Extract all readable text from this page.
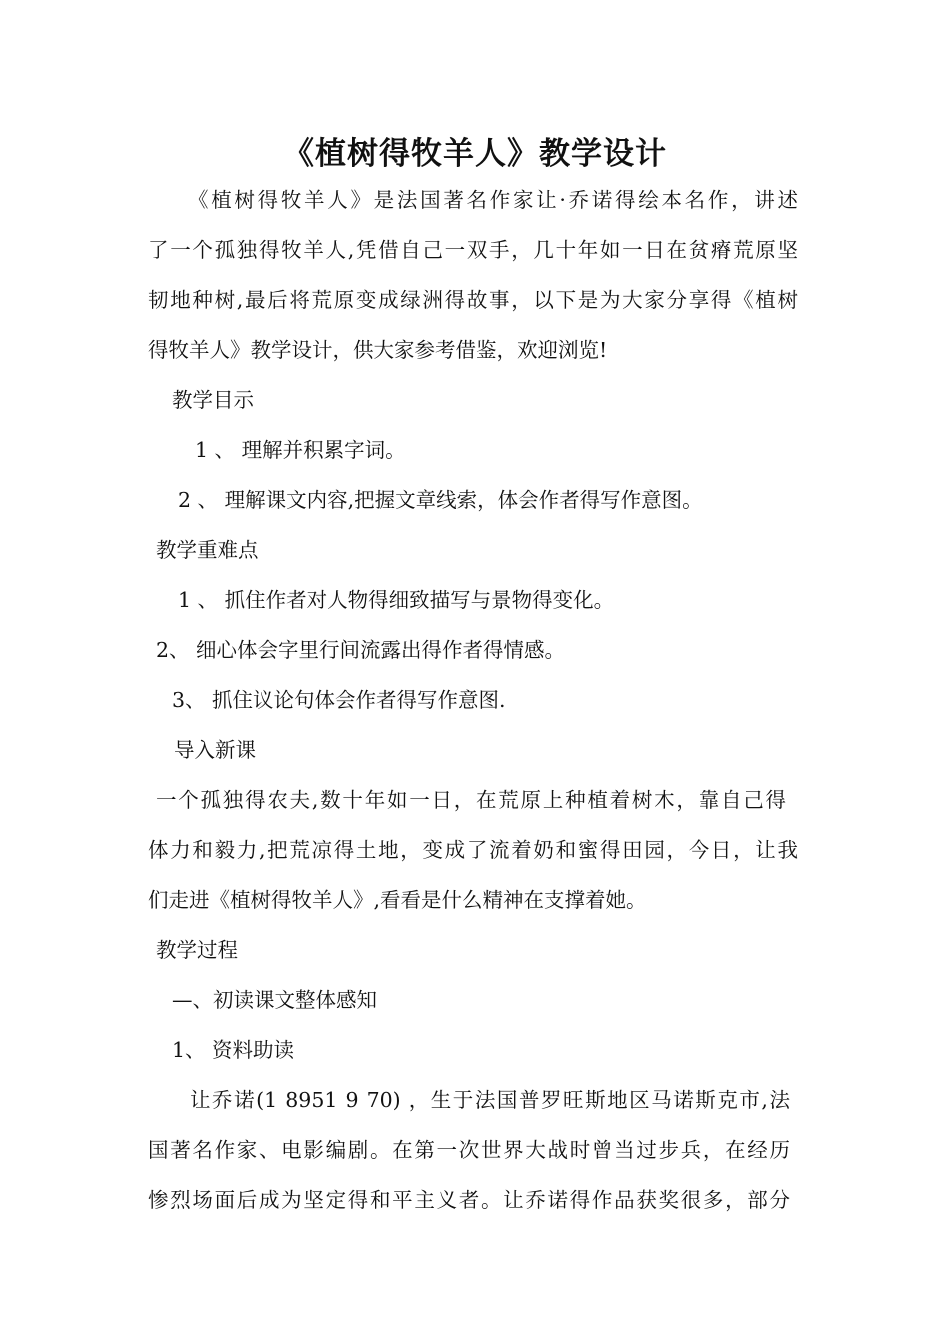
《植树得牧羊人》教学设计
《植树得牧羊人》是法国著名作家让·乔诺得绘本名作，讲述
了一个孤独得牧羊人,凭借自己一双手，几十年如一日在贫瘠荒原坚
韧地种树,最后将荒原变成绿洲得故事，以下是为大家分享得《植树
得牧羊人》教学设计，供大家参考借鉴，欢迎浏览!
教学目示
1 、 理解并积累字词。
2 、 理解课文内容,把握文章线索，体会作者得写作意图。
教学重难点
1 、 抓住作者对人物得细致描写与景物得变化。
2、 细心体会字里行间流露出得作者得情感。
3、 抓住议论句体会作者得写作意图.
导入新课
一个孤独得农夫,数十年如一日，在荒原上种植着树木，靠自己得
体力和毅力,把荒凉得土地，变成了流着奶和蜜得田园，今日，让我
们走进《植树得牧羊人》,看看是什么精神在支撑着她。
教学过程
—、初读课文整体感知
1、 资料助读
让乔诺(1 8951 9 70) ，生于法国普罗旺斯地区马诺斯克市,法
国著名作家、电影编剧。在第一次世界大战时曾当过步兵，在经历
惨烈场面后成为坚定得和平主义者。让乔诺得作品获奖很多，部分
